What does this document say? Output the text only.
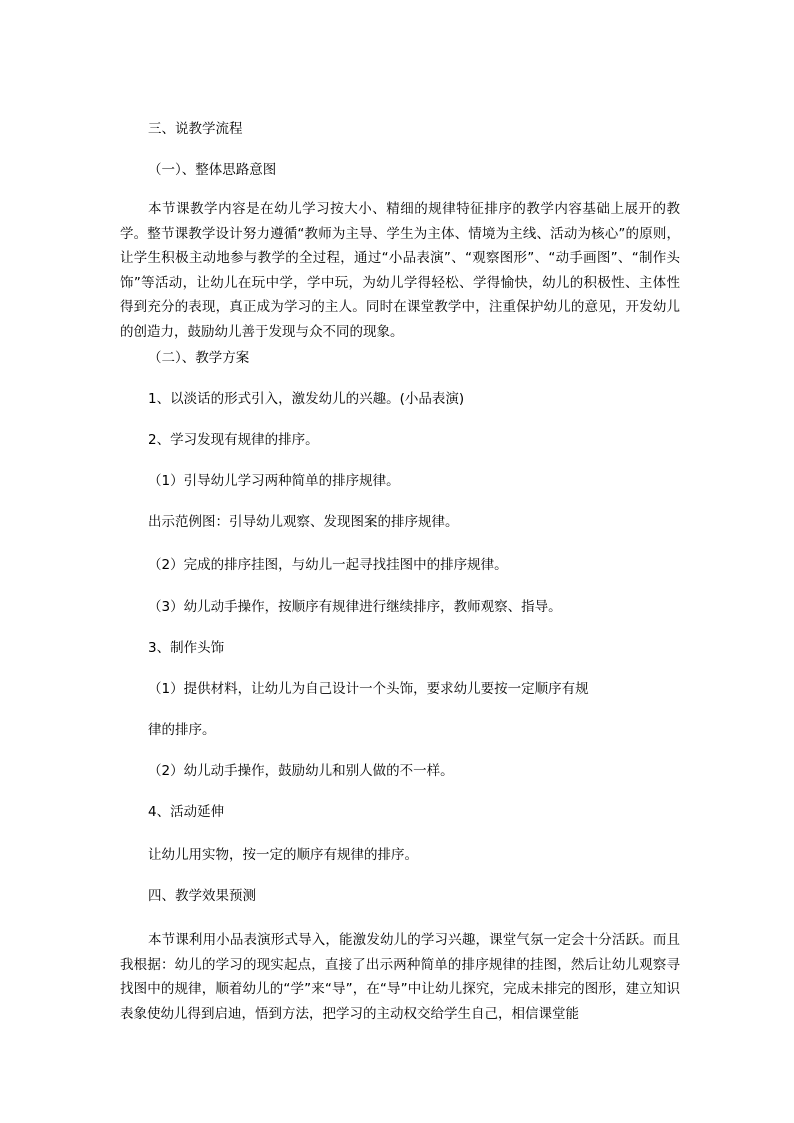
三、说教学流程
（一）、整体思路意图
本节课教学内容是在幼儿学习按大小、精细的规律特征排序的教学内容基础上展开的教学。整节课教学设计努力遵循“教师为主导、学生为主体、情境为主线、活动为核心”的原则，让学生积极主动地参与教学的全过程，通过“小品表演”、“观察图形”、“动手画图”、“制作头饰”等活动，让幼儿在玩中学，学中玩，为幼儿学得轻松、学得愉快，幼儿的积极性、主体性得到充分的表现，真正成为学习的主人。同时在课堂教学中，注重保护幼儿的意见，开发幼儿的创造力，鼓励幼儿善于发现与众不同的现象。
（二）、教学方案
1、以淡话的形式引入，激发幼儿的兴趣。(小品表演)
2、学习发现有规律的排序。
（1）引导幼儿学习两种简单的排序规律。
出示范例图：引导幼儿观察、发现图案的排序规律。
（2）完成的排序挂图，与幼儿一起寻找挂图中的排序规律。
（3）幼儿动手操作，按顺序有规律进行继续排序，教师观察、指导。
3、制作头饰
（1）提供材料，让幼儿为自己设计一个头饰，要求幼儿要按一定顺序有规
律的排序。
（2）幼儿动手操作，鼓励幼儿和别人做的不一样。
4、活动延伸
让幼儿用实物，按一定的顺序有规律的排序。
四、教学效果预测
本节课利用小品表演形式导入，能激发幼儿的学习兴趣，课堂气氛一定会十分活跃。而且我根据：幼儿的学习的现实起点，直接了出示两种简单的排序规律的挂图，然后让幼儿观察寻找图中的规律，顺着幼儿的“学”来“导”，在“导”中让幼儿探究，完成未排完的图形，建立知识表象使幼儿得到启迪，悟到方法，把学习的主动权交给学生自己，相信课堂能
